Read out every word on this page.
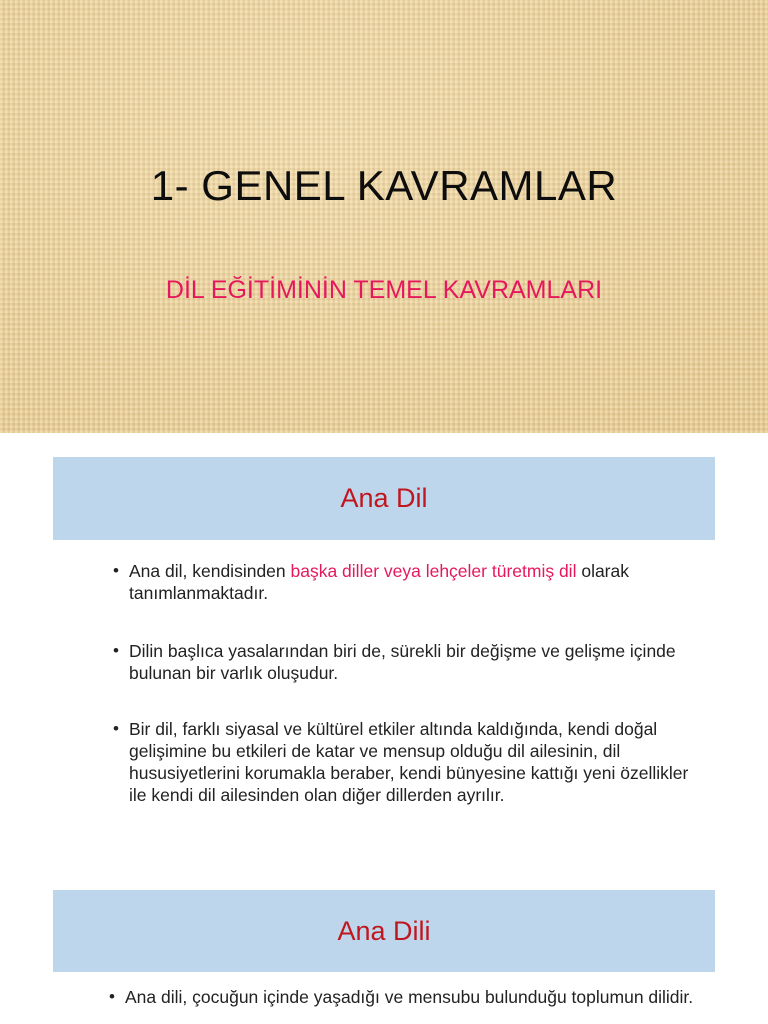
1- GENEL KAVRAMLAR
DİL EĞİTİMİNİN TEMEL KAVRAMLARI
Ana Dil
• Ana dil, kendisinden başka diller veya lehçeler türetmiş dil olarak tanımlanmaktadır.
• Dilin başlıca yasalarından biri de, sürekli bir değişme ve gelişme içinde bulunan bir varlık oluşudur.
• Bir dil, farklı siyasal ve kültürel etkiler altında kaldığında, kendi doğal gelişimine bu etkileri de katar ve mensup olduğu dil ailesinin, dil hususiyetlerini korumakla beraber, kendi bünyesine kattığı yeni özellikler ile kendi dil ailesinden olan diğer dillerden ayrılır.
Ana Dili
• Ana dili, çocuğun içinde yaşadığı ve mensubu bulunduğu toplumun dilidir.
